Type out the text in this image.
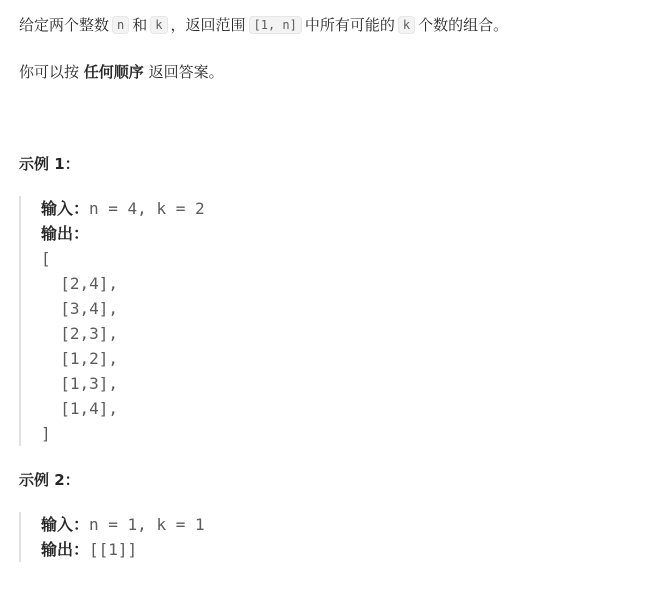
给定两个整数 n 和 k ，返回范围 [1, n] 中所有可能的 k 个数的组合。

你可以按 任何顺序 返回答案。

示例 1：

输入：n = 4, k = 2
输出：
[
[2,4],
[3,4],
[2,3],
[1,2],
[1,3],
[1,4],
]

示例 2：

输入：n = 1, k = 1
输出：[[1]]
